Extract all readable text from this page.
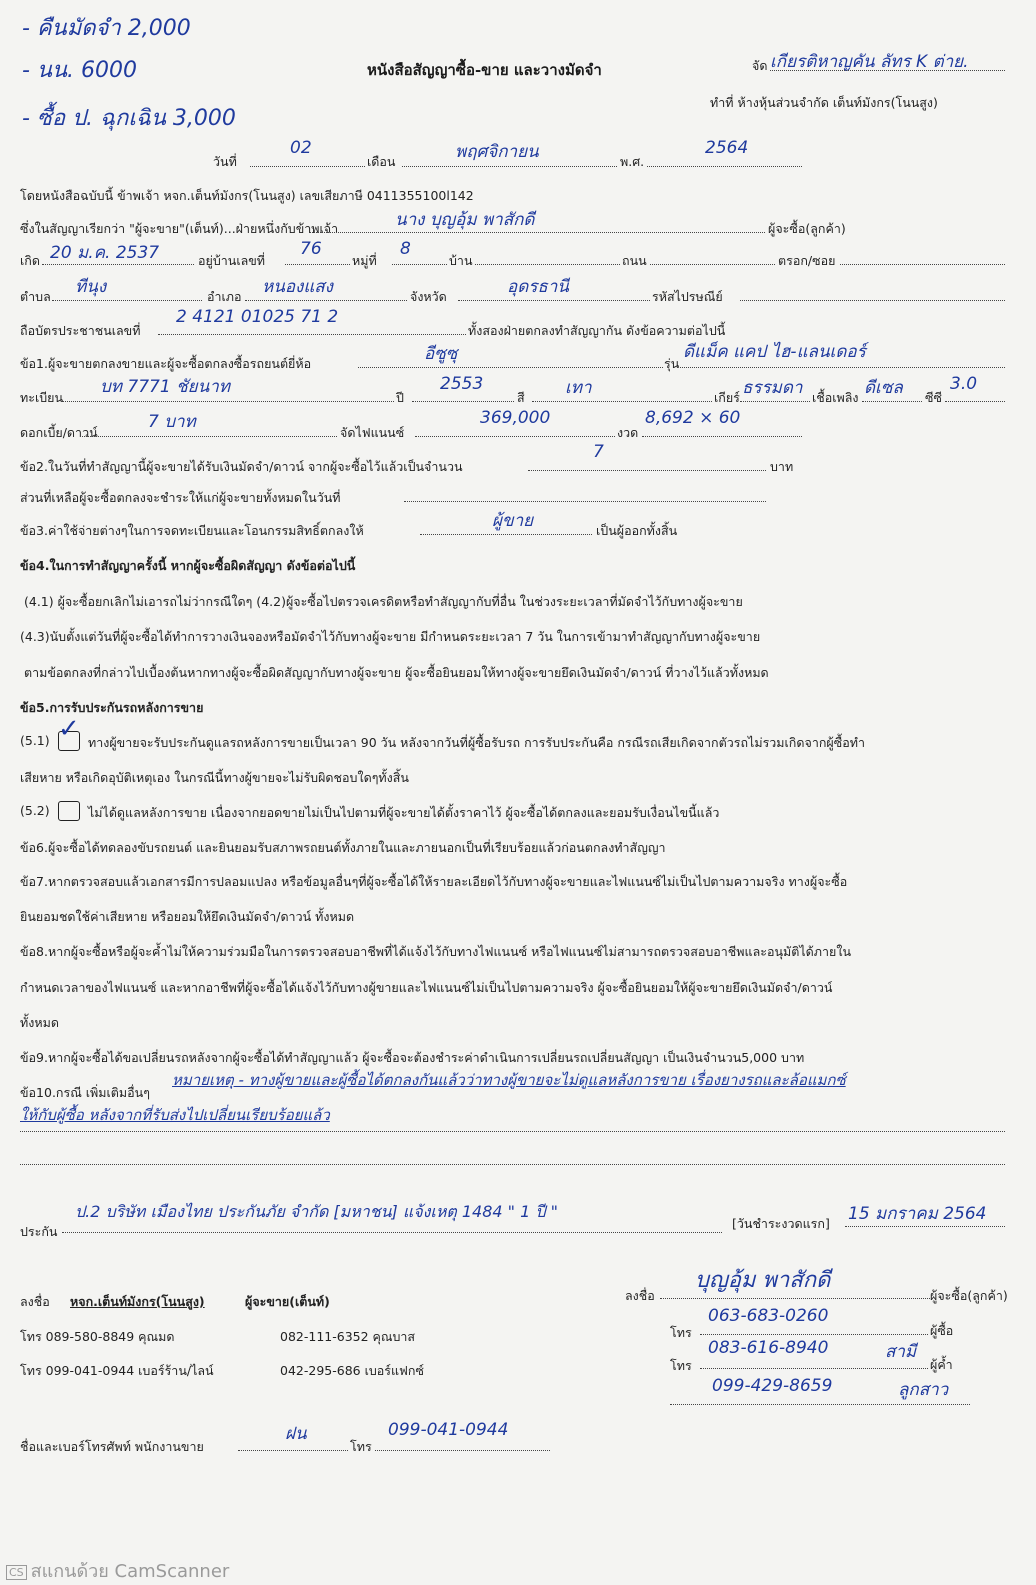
- คืนมัดจำ 2,000
- นน. 6000
- ซื้อ ป. ฉุกเฉิน 3,000
หนังสือสัญญาซื้อ-ขาย และวางมัดจำ	จัด เกียรติหาญคัน ลัทร K ต่าย.
ทำที่ ห้างหุ้นส่วนจำกัด เต็นท์มังกร(โนนสูง)
วันที่
02
เดือน	พฤศจิกายน	พ.ศ.
2564
โดยหนังสือฉบับนี้ ข้าพเจ้า หจก.เต็นท์มังกร(โนนสูง) เลขเสียภาษี 0411355100l142
ซึ่งในสัญญาเรียกว่า "ผู้จะขาย"(เต็นท์)...ฝ่ายหนึ่งกับข้าพเจ้า	นาง บุญอุ้ม พาสักดี	ผู้จะซื้อ(ลูกค้า)
เกิด 20 ม.ค. 2537	อยู่บ้านเลขที่
76
หมู่ที่
8
บ้าน	ถนน	ตรอก/ซอย
ตำบล ทีนุง	อำเภอ หนองแสง	จังหวัด	อุดรธานี	รหัสไปรษณีย์
ถือบัตรประชาชนเลขที่
2 4121 01025 71 2
ทั้งสองฝ่ายตกลงทำสัญญากัน ดังข้อความต่อไปนี้
ข้อ1.ผู้จะขายตกลงขายและผู้จะซื้อตกลงซื้อรถยนต์ยี่ห้อ	อีซูซุ	รุ่น
ดีแม็ค แคป ไฮ-แลนเดอร์
ทะเบียน
บท 7771 ชัยนาท
ปี
2553
สี เทา	เกียร์ ธรรมดา เชื้อเพลิง ดีเซล ซีซี
3.0
ดอกเบี้ย/ดาวน์
7 บาท
จัดไฟแนนซ์
369,000
งวด
8,692 × 60
ข้อ2.ในวันที่ทำสัญญานี้ผู้จะขายได้รับเงินมัดจำ/ดาวน์ จากผู้จะซื้อไว้แล้วเป็นจำนวน
7
บาท
ส่วนที่เหลือผู้จะซื้อตกลงจะชำระให้แก่ผู้จะขายทั้งหมดในวันที่
ข้อ3.ค่าใช้จ่ายต่างๆในการจดทะเบียนและโอนกรรมสิทธิ์ตกลงให้	ผู้ขาย	เป็นผู้ออกทั้งสิ้น
ข้อ4.ในการทำสัญญาครั้งนี้ หากผู้จะซื้อผิดสัญญา ดังข้อต่อไปนี้
(4.1) ผู้จะซื้อยกเลิกไม่เอารถไม่ว่ากรณีใดๆ (4.2)ผู้จะซื้อไปตรวจเครดิตหรือทำสัญญากับที่อื่น ในช่วงระยะเวลาที่มัดจำไว้กับทางผู้จะขาย
(4.3)นับตั้งแต่วันที่ผู้จะซื้อได้ทำการวางเงินจองหรือมัดจำไว้กับทางผู้จะขาย มีกำหนดระยะเวลา 7 วัน ในการเข้ามาทำสัญญากับทางผู้จะขาย
ตามข้อตกลงที่กล่าวไปเบื้องต้นหากทางผู้จะซื้อผิดสัญญากับทางผู้จะขาย ผู้จะซื้อยินยอมให้ทางผู้จะขายยึดเงินมัดจำ/ดาวน์ ที่วางไว้แล้วทั้งหมด
ข้อ5.การรับประกันรถหลังการขาย
(5.1) ✓ ทางผู้ขายจะรับประกันดูแลรถหลังการขายเป็นเวลา 90 วัน หลังจากวันที่ผู้ซื้อรับรถ การรับประกันคือ กรณีรถเสียเกิดจากตัวรถไม่รวมเกิดจากผู้ซื้อทำ
เสียหาย หรือเกิดอุบัติเหตุเอง ในกรณีนี้ทางผู้ขายจะไม่รับผิดชอบใดๆทั้งสิ้น
(5.2)	ไม่ได้ดูแลหลังการขาย เนื่องจากยอดขายไม่เป็นไปตามที่ผู้จะขายได้ตั้งราคาไว้ ผู้จะซื้อได้ตกลงและยอมรับเงื่อนไขนี้แล้ว
ข้อ6.ผู้จะซื้อได้ทดลองขับรถยนต์ และยินยอมรับสภาพรถยนต์ทั้งภายในและภายนอกเป็นที่เรียบร้อยแล้วก่อนตกลงทำสัญญา
ข้อ7.หากตรวจสอบแล้วเอกสารมีการปลอมแปลง หรือข้อมูลอื่นๆที่ผู้จะซื้อได้ให้รายละเอียดไว้กับทางผู้จะขายและไฟแนนซ์ไม่เป็นไปตามความจริง ทางผู้จะซื้อ
ยินยอมชดใช้ค่าเสียหาย หรือยอมให้ยึดเงินมัดจำ/ดาวน์ ทั้งหมด
ข้อ8.หากผู้จะซื้อหรือผู้จะค้ำไม่ให้ความร่วมมือในการตรวจสอบอาชีพที่ได้แจ้งไว้กับทางไฟแนนซ์ หรือไฟแนนซ์ไม่สามารถตรวจสอบอาชีพและอนุมัติได้ภายใน
กำหนดเวลาของไฟแนนซ์ และหากอาชีพที่ผู้จะซื้อได้แจ้งไว้กับทางผู้ขายและไฟแนนซ์ไม่เป็นไปตามความจริง ผู้จะซื้อยินยอมให้ผู้จะขายยึดเงินมัดจำ/ดาวน์
ทั้งหมด
ข้อ9.หากผู้จะซื้อได้ขอเปลี่ยนรถหลังจากผู้จะซื้อได้ทำสัญญาแล้ว ผู้จะซื้อจะต้องชำระค่าดำเนินการเปลี่ยนรถเปลี่ยนสัญญา เป็นเงินจำนวน5,000 บาท
ข้อ10.กรณี เพิ่มเติมอื่นๆ
หมายเหตุ - ทางผู้ขายและผู้ซื้อได้ตกลงกันแล้วว่าทางผู้ขายจะไม่ดูแลหลังการขาย เรื่องยางรถและล้อแมกซ์
ให้กับผู้ซื้อ หลังจากที่รับส่งไปเปลี่ยนเรียบร้อยแล้ว
ประกัน
ป.2 บริษัท เมืองไทย ประกันภัย จำกัด [มหาชน] แจ้งเหตุ 1484 " 1 ปี "
[วันชำระงวดแรก] 15 มกราคม 2564
ลงชื่อ หจก.เต็นท์มังกร(โนนสูง)	ผู้จะขาย(เต็นท์)
โทร 089-580-8849 คุณมด	082-111-6352 คุณบาส
โทร 099-041-0944 เบอร์ร้าน/ไลน์	042-295-686 เบอร์แฟกซ์
ลงชื่อ
บุญอุ้ม พาสักดี
ผู้จะซื้อ(ลูกค้า)
โทร
063-683-0260
ผู้ซื้อ
โทร
083-616-8940	สามี
ผู้ค้ำ
099-429-8659	ลูกสาว
ชื่อและเบอร์โทรศัพท์ พนักงานขาย
ฝน
โทร
099-041-0944
CS สแกนด้วย CamScanner
